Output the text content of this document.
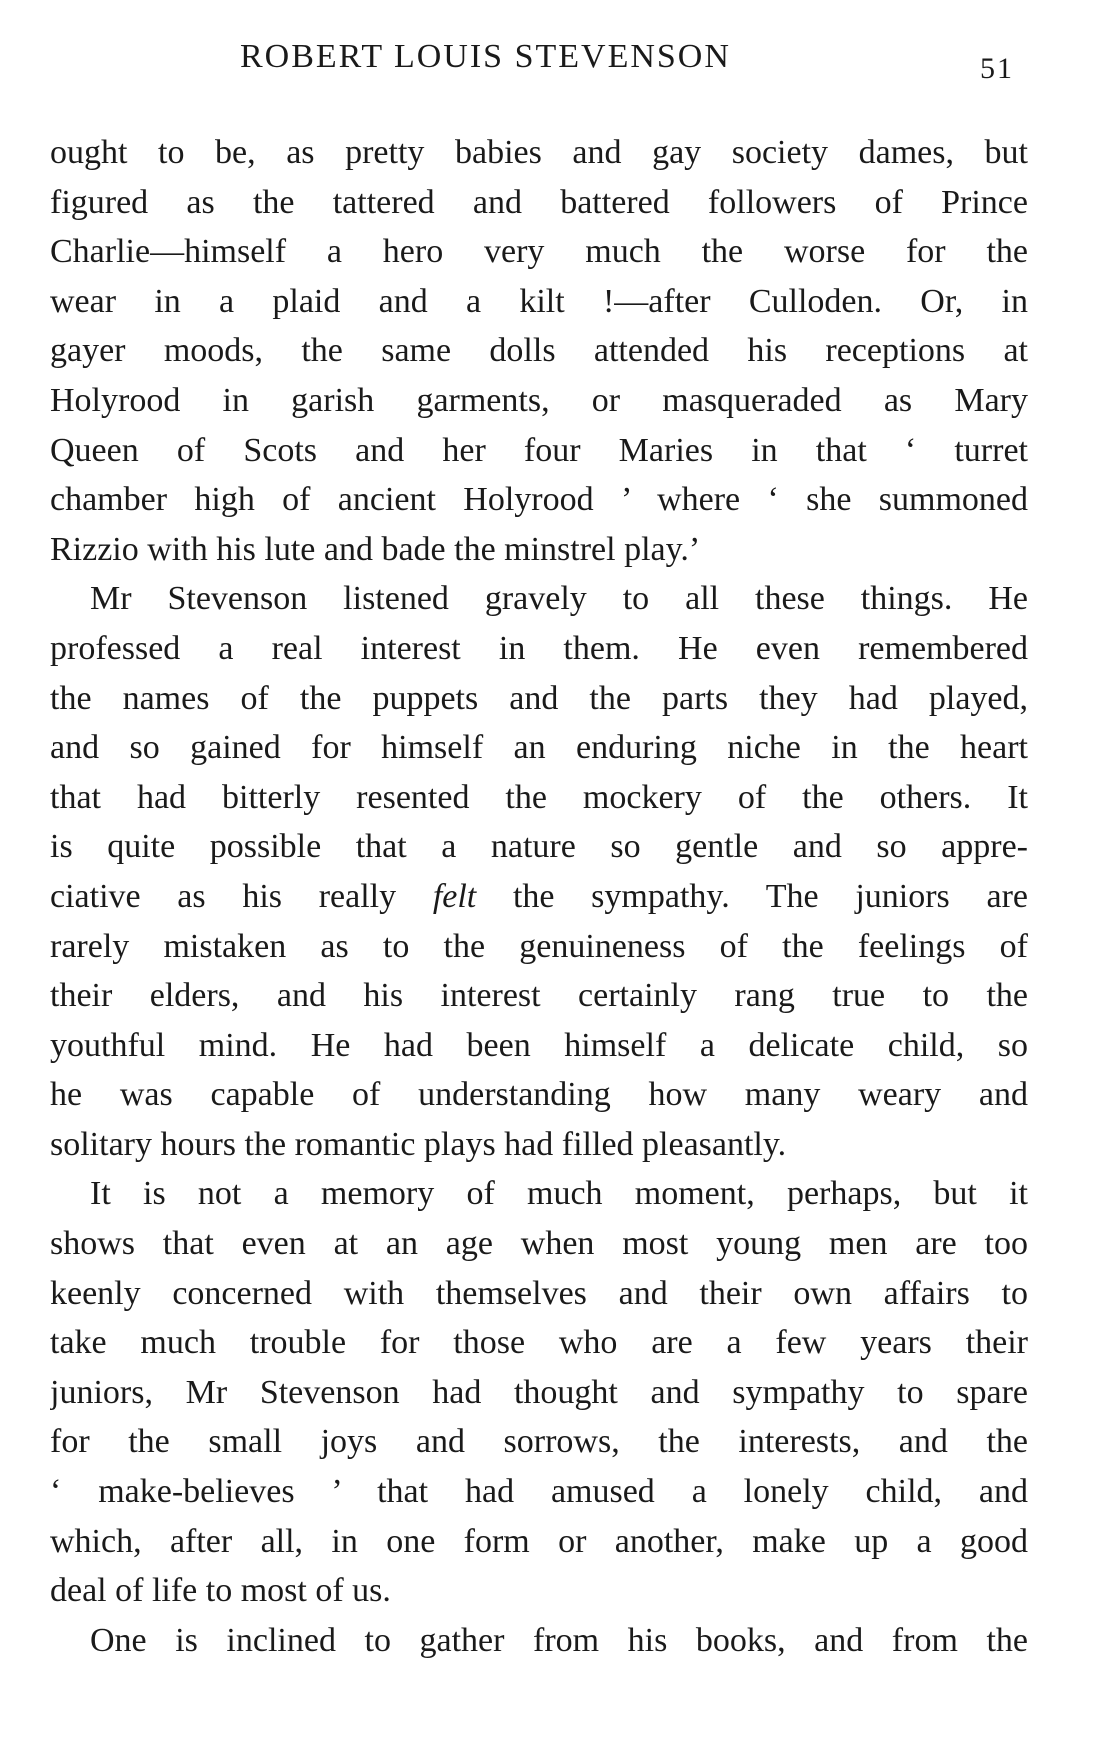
ROBERT LOUIS STEVENSON	51
ought to be, as pretty babies and gay society dames, but
figured as the tattered and battered followers of Prince
Charlie—himself a hero very much the worse for the
wear in a plaid and a kilt !—after Culloden. Or, in
gayer moods, the same dolls attended his receptions at
Holyrood in garish garments, or masqueraded as Mary
Queen of Scots and her four Maries in that ‘ turret
chamber high of ancient Holyrood ’ where ‘ she summoned
Rizzio with his lute and bade the minstrel play.’
Mr Stevenson listened gravely to all these things. He
professed a real interest in them. He even remembered
the names of the puppets and the parts they had played,
and so gained for himself an enduring niche in the heart
that had bitterly resented the mockery of the others. It
is quite possible that a nature so gentle and so appre-
ciative as his really felt the sympathy. The juniors are
rarely mistaken as to the genuineness of the feelings of
their elders, and his interest certainly rang true to the
youthful mind. He had been himself a delicate child, so
he was capable of understanding how many weary and
solitary hours the romantic plays had filled pleasantly.
It is not a memory of much moment, perhaps, but it
shows that even at an age when most young men are too
keenly concerned with themselves and their own affairs to
take much trouble for those who are a few years their
juniors, Mr Stevenson had thought and sympathy to spare
for the small joys and sorrows, the interests, and the
‘ make-believes ’ that had amused a lonely child, and
which, after all, in one form or another, make up a good
deal of life to most of us.
One is inclined to gather from his books, and from the
